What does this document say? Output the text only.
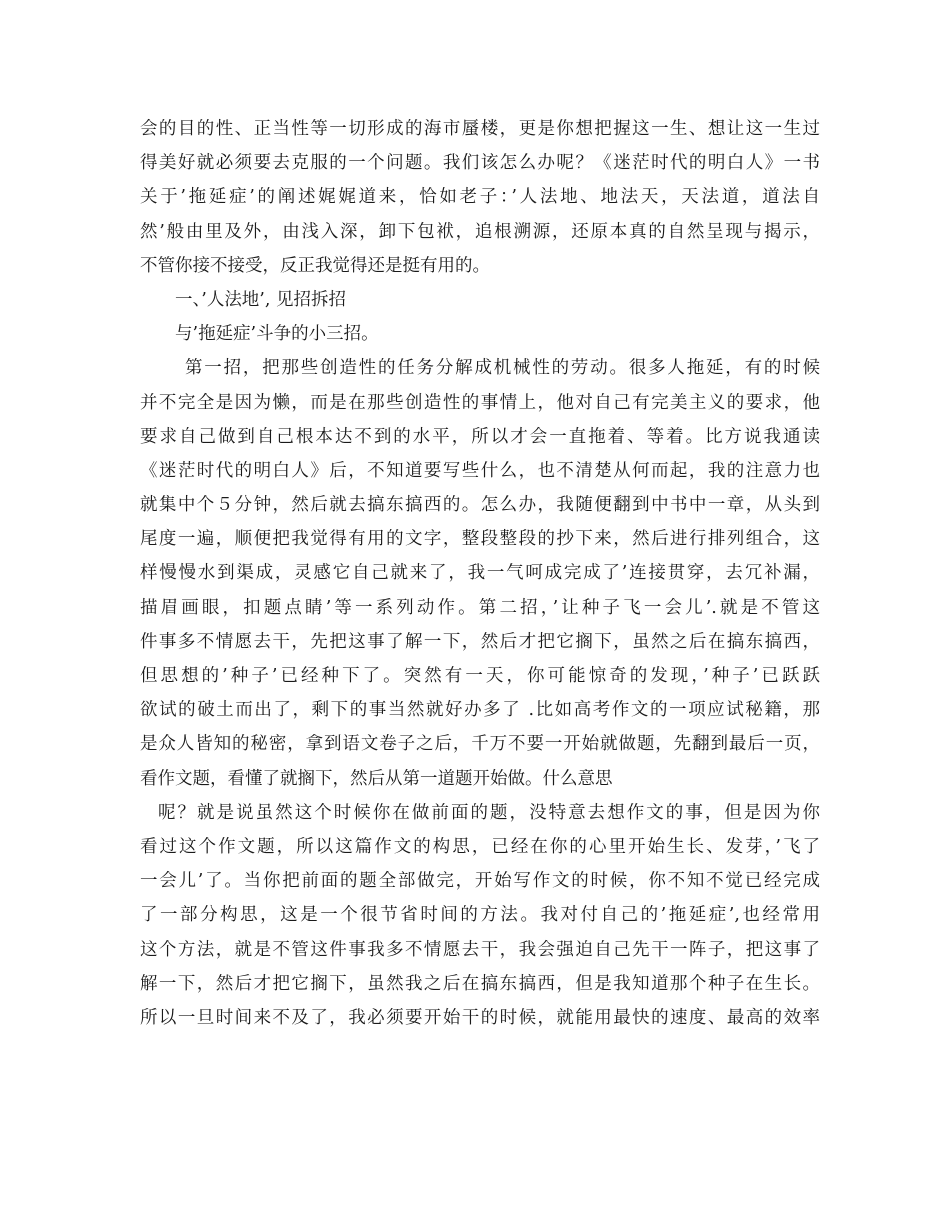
会的目的性、正当性等一切形成的海市蜃楼，更是你想把握这一生、想让这一生过
得美好就必须要去克服的一个问题。我们该怎么办呢？《迷茫时代的明白人》一书
关于’拖延症’的阐述娓娓道来，恰如老子：’人法地、地法天，天法道，道法自
然’般由里及外，由浅入深，卸下包袱，追根溯源，还原本真的自然呈现与揭示，
不管你接不接受，反正我觉得还是挺有用的。
一、’人法地’, 见招拆招
与’拖延症’斗争的小三招。
第一招，把那些创造性的任务分解成机械性的劳动。很多人拖延，有的时候
并不完全是因为懒，而是在那些创造性的事情上，他对自己有完美主义的要求，他
要求自己做到自己根本达不到的水平，所以才会一直拖着、等着。比方说我通读
《迷茫时代的明白人》后，不知道要写些什么，也不清楚从何而起，我的注意力也
就集中个５分钟，然后就去搞东搞西的。怎么办，我随便翻到中书中一章，从头到
尾度一遍，顺便把我觉得有用的文字，整段整段的抄下来，然后进行排列组合，这
样慢慢水到渠成，灵感它自己就来了，我一气呵成完成了’连接贯穿，去冗补漏，
描眉画眼，扣题点睛’等一系列动作。第二招，’让种子飞一会儿’.就是不管这
件事多不情愿去干，先把这事了解一下，然后才把它搁下，虽然之后在搞东搞西，
但思想的’种子’已经种下了。突然有一天，你可能惊奇的发现，’种子’已跃跃
欲试的破土而出了，剩下的事当然就好办多了 .比如高考作文的一项应试秘籍，那
是众人皆知的秘密，拿到语文卷子之后，千万不要一开始就做题，先翻到最后一页，
看作文题，看懂了就搁下，然后从第一道题开始做。什么意思
呢？就是说虽然这个时候你在做前面的题，没特意去想作文的事，但是因为你
看过这个作文题，所以这篇作文的构思，已经在你的心里开始生长、发芽，’飞了
一会儿’了。当你把前面的题全部做完，开始写作文的时候，你不知不觉已经完成
了一部分构思，这是一个很节省时间的方法。我对付自己的’拖延症’,也经常用
这个方法，就是不管这件事我多不情愿去干，我会强迫自己先干一阵子，把这事了
解一下，然后才把它搁下，虽然我之后在搞东搞西，但是我知道那个种子在生长。
所以一旦时间来不及了，我必须要开始干的时候，就能用最快的速度、最高的效率
